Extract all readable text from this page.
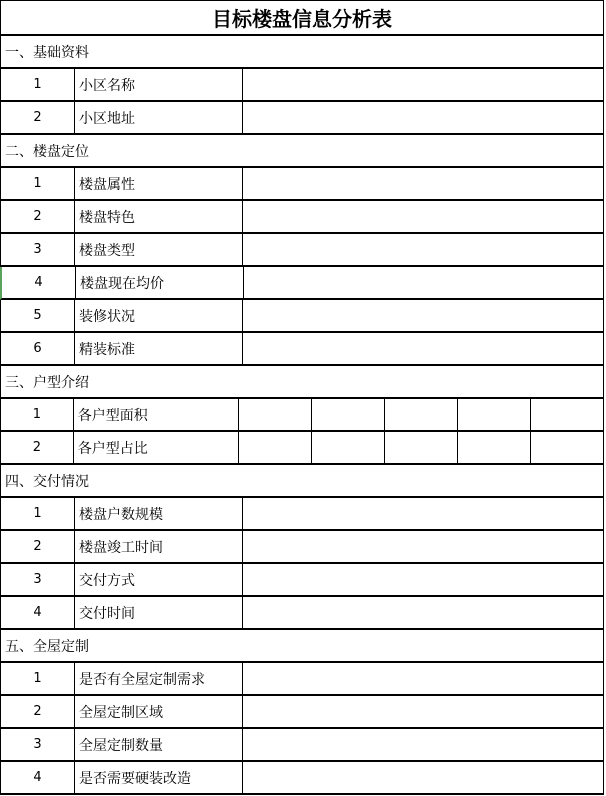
目标楼盘信息分析表
一、基础资料
1	小区名称
2	小区地址
二、楼盘定位
1	楼盘属性
2	楼盘特色
3	楼盘类型
4	楼盘现在均价
5	装修状况
6	精装标准
三、户型介绍
1	各户型面积
2	各户型占比
四、交付情况
1	楼盘户数规模
2	楼盘竣工时间
3	交付方式
4	交付时间
五、全屋定制
1	是否有全屋定制需求
2	全屋定制区域
3	全屋定制数量
4	是否需要硬装改造
